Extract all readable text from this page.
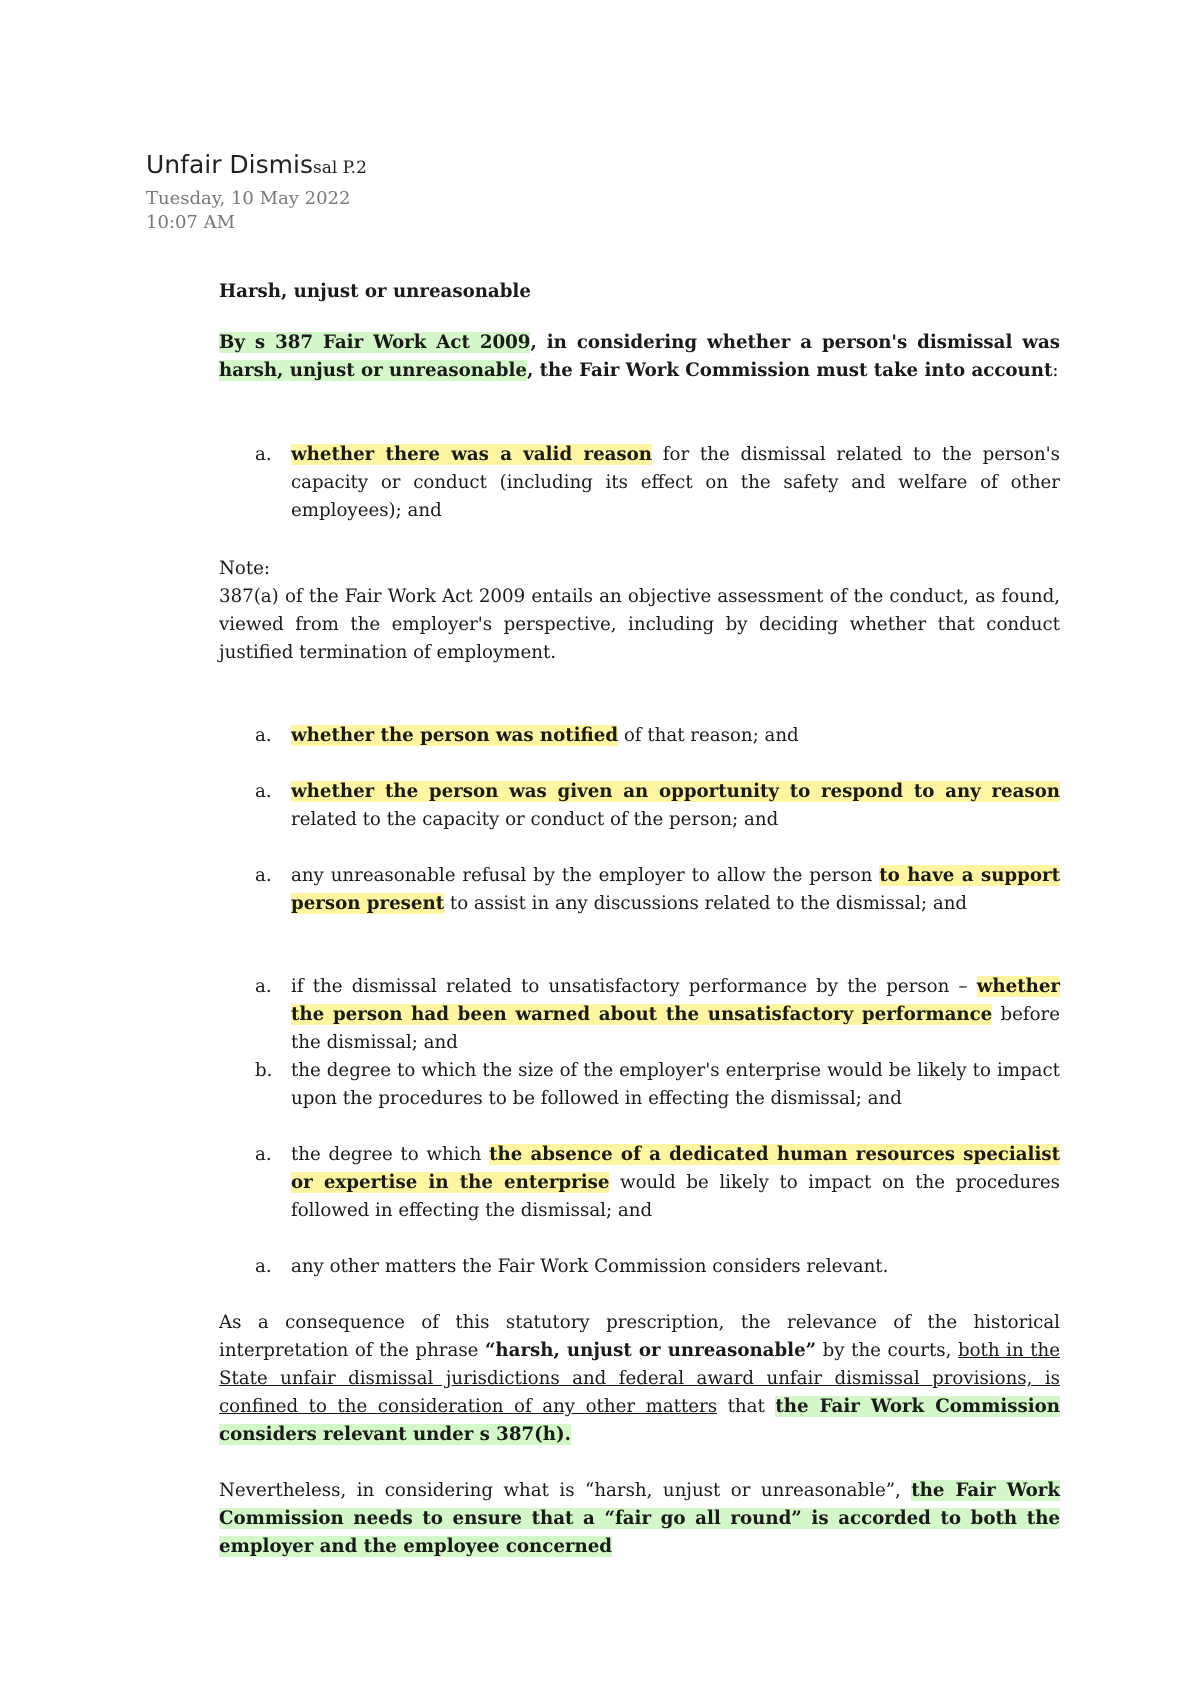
Unfair Dismissal P.2
Tuesday, 10 May 2022
10:07 AM
Harsh, unjust or unreasonable
By s 387 Fair Work Act 2009, in considering whether a person's dismissal was harsh, unjust or unreasonable, the Fair Work Commission must take into account:
a. whether there was a valid reason for the dismissal related to the person's capacity or conduct (including its effect on the safety and welfare of other employees); and
Note:
387(a) of the Fair Work Act 2009 entails an objective assessment of the conduct, as found, viewed from the employer's perspective, including by deciding whether that conduct justified termination of employment.
a. whether the person was notified of that reason; and
a. whether the person was given an opportunity to respond to any reason related to the capacity or conduct of the person; and
a. any unreasonable refusal by the employer to allow the person to have a support person present to assist in any discussions related to the dismissal; and
a. if the dismissal related to unsatisfactory performance by the person – whether the person had been warned about the unsatisfactory performance before the dismissal; and
b. the degree to which the size of the employer's enterprise would be likely to impact upon the procedures to be followed in effecting the dismissal; and
a. the degree to which the absence of a dedicated human resources specialist or expertise in the enterprise would be likely to impact on the procedures followed in effecting the dismissal; and
a. any other matters the Fair Work Commission considers relevant.
As a consequence of this statutory prescription, the relevance of the historical interpretation of the phrase “harsh, unjust or unreasonable” by the courts, both in the State unfair dismissal jurisdictions and federal award unfair dismissal provisions, is confined to the consideration of any other matters that the Fair Work Commission considers relevant under s 387(h).
Nevertheless, in considering what is “harsh, unjust or unreasonable”, the Fair Work Commission needs to ensure that a “fair go all round” is accorded to both the employer and the employee concerned
